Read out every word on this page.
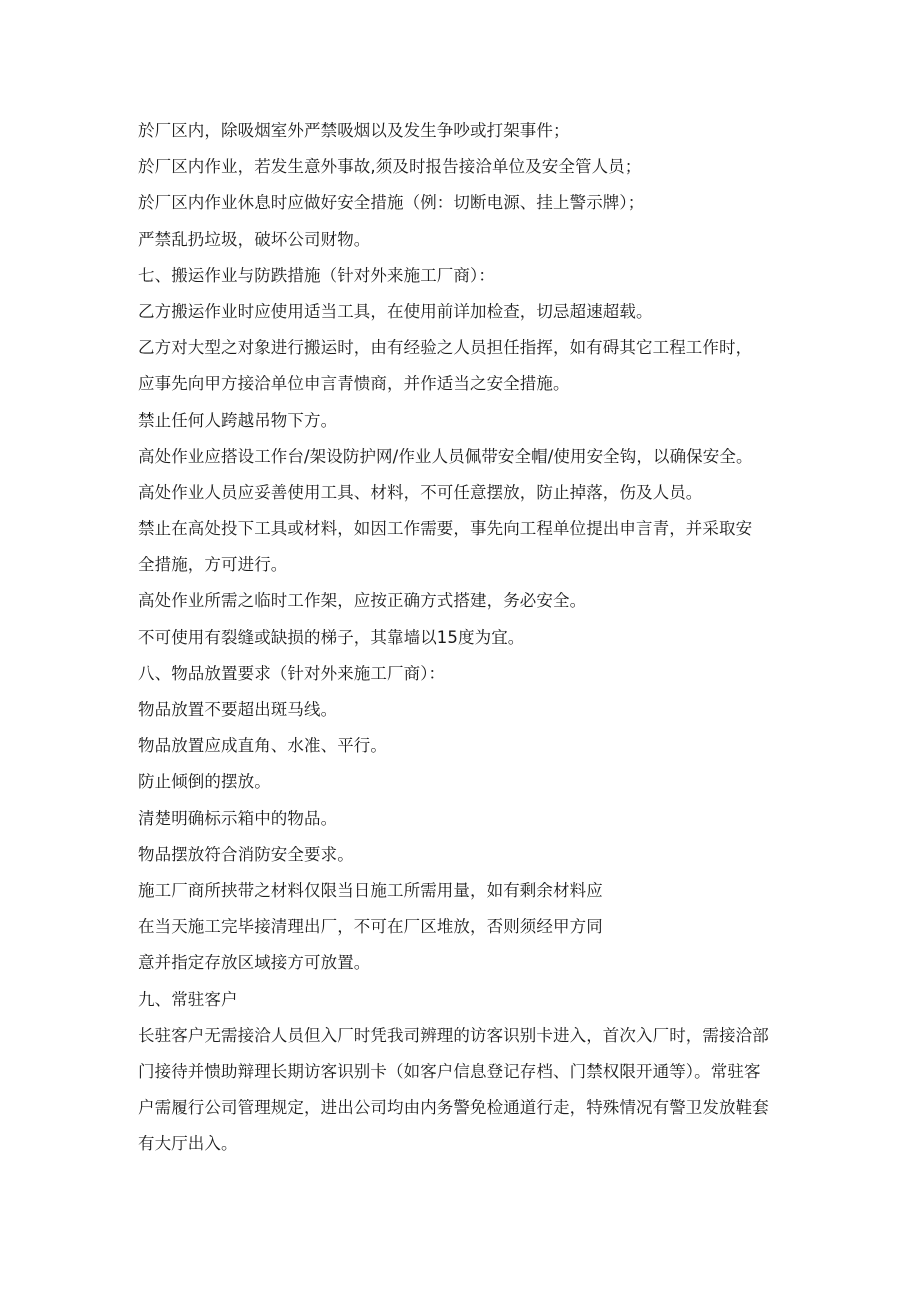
於厂区内，除吸烟室外严禁吸烟以及发生争吵或打架事件；
於厂区内作业，若发生意外事故,须及时报告接洽单位及安全管人员；
於厂区内作业休息时应做好安全措施（例：切断电源、挂上警示牌）；
严禁乱扔垃圾，破坏公司财物。
七、搬运作业与防跌措施（针对外来施工厂商）：
乙方搬运作业时应使用适当工具，在使用前详加检查，切忌超速超载。
乙方对大型之对象进行搬运时，由有经验之人员担任指挥，如有碍其它工程工作时，
应事先向甲方接洽单位申言青愦商，并作适当之安全措施。
禁止任何人跨越吊物下方。
高处作业应搭设工作台/架设防护网/作业人员佩带安全帽/使用安全钩，以确保安全。
高处作业人员应妥善使用工具、材料，不可任意摆放，防止掉落，伤及人员。
禁止在高处投下工具或材料，如因工作需要，事先向工程单位提出申言青，并采取安
全措施，方可进行。
高处作业所需之临时工作架，应按正确方式搭建，务必安全。
不可使用有裂缝或缺损的梯子，其靠墙以15度为宜。
八、物品放置要求（针对外来施工厂商）：
物品放置不要超出斑马线。
物品放置应成直角、水准、平行。
防止倾倒的摆放。
清楚明确标示箱中的物品。
物品摆放符合消防安全要求。
施工厂商所挟带之材料仅限当日施工所需用量，如有剩余材料应
在当天施工完毕接清理出厂，不可在厂区堆放，否则须经甲方同
意并指定存放区域接方可放置。
九、常驻客户
长驻客户无需接洽人员但入厂时凭我司辨理的访客识别卡进入，首次入厂时，需接洽部
门接待并愦助辩理长期访客识别卡（如客户信息登记存档、门禁权限开通等）。常驻客
户需履行公司管理规定，进出公司均由内务警免检通道行走，特殊情况有警卫发放鞋套
有大厅出入。
